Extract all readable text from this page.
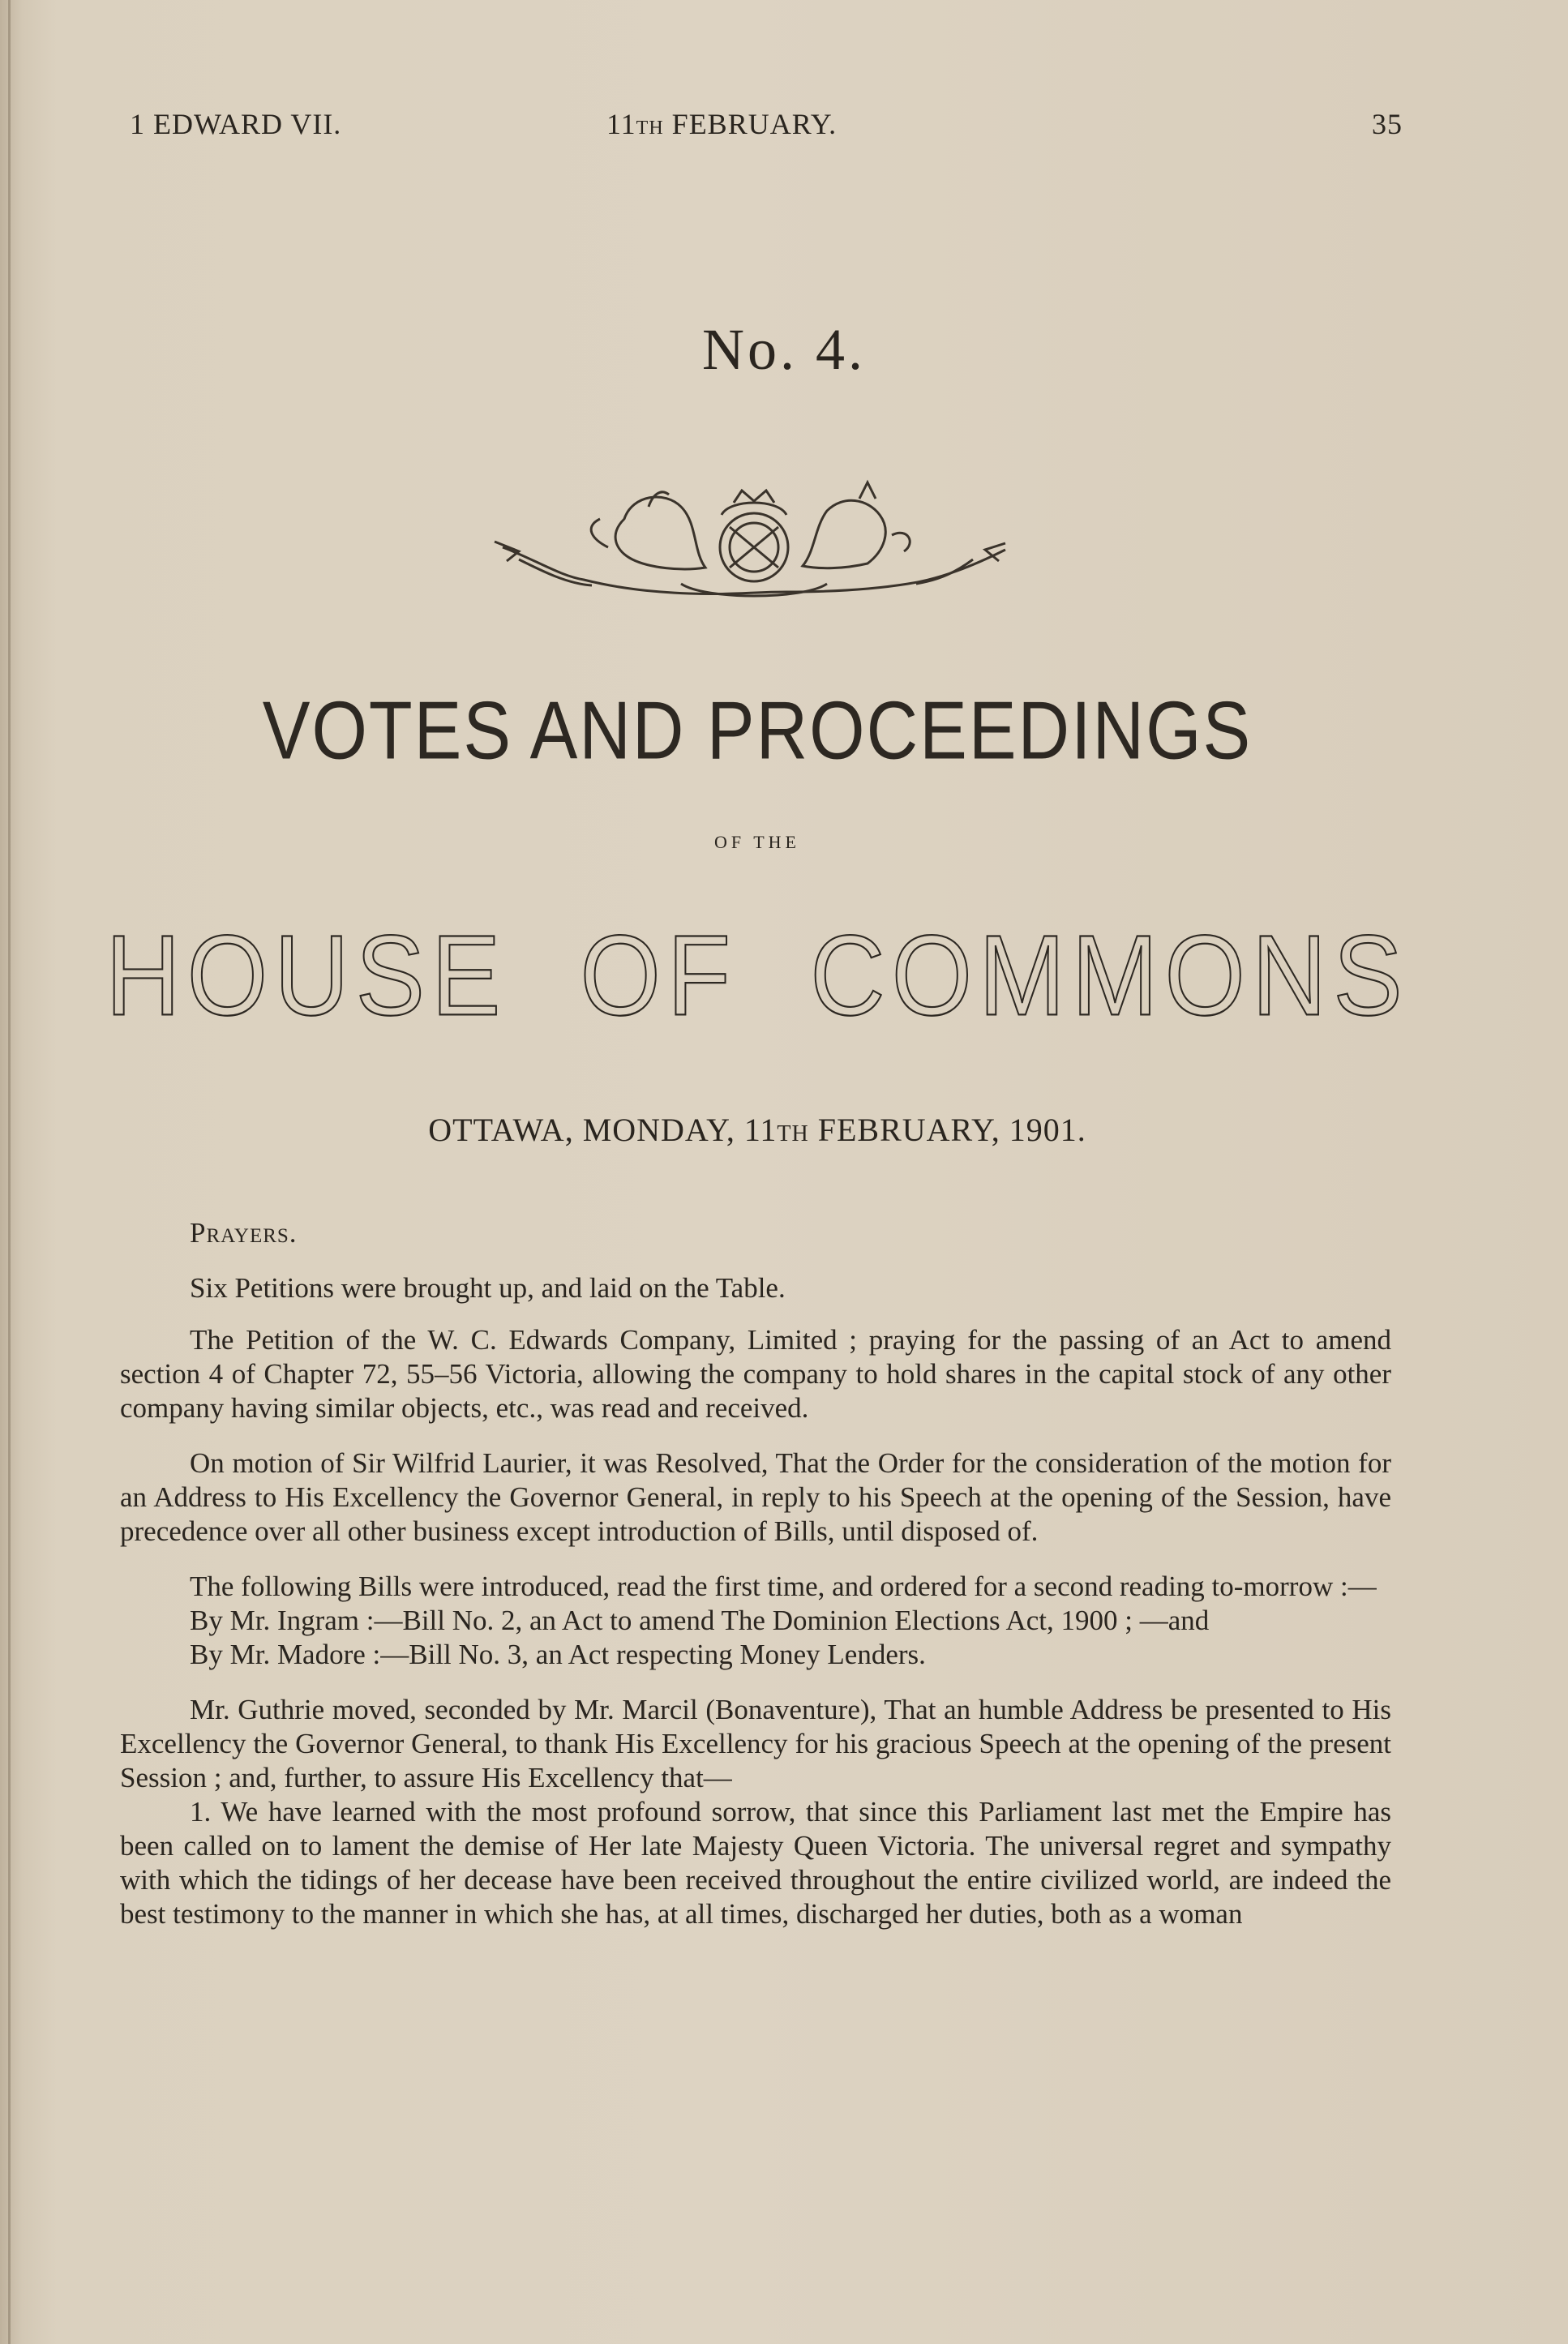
1 EDWARD VII.	11TH FEBRUARY.	35
No. 4.
VOTES AND PROCEEDINGS
OF THE
HOUSE OF COMMONS
OTTAWA, MONDAY, 11TH FEBRUARY, 1901.

Prayers.

Six Petitions were brought up, and laid on the Table.

The Petition of the W. C. Edwards Company, Limited ; praying for the passing of an Act to amend section 4 of Chapter 72, 55–56 Victoria, allowing the company to hold shares in the capital stock of any other company having similar objects, etc., was read and received.

On motion of Sir Wilfrid Laurier, it was Resolved, That the Order for the consideration of the motion for an Address to His Excellency the Governor General, in reply to his Speech at the opening of the Session, have precedence over all other business except introduction of Bills, until disposed of.

The following Bills were introduced, read the first time, and ordered for a second reading to-morrow :—

By Mr. Ingram :—Bill No. 2, an Act to amend The Dominion Elections Act, 1900 ; —and

By Mr. Madore :—Bill No. 3, an Act respecting Money Lenders.

Mr. Guthrie moved, seconded by Mr. Marcil (Bonaventure), That an humble Address be presented to His Excellency the Governor General, to thank His Excellency for his gracious Speech at the opening of the present Session ; and, further, to assure His Excellency that—

1. We have learned with the most profound sorrow, that since this Parliament last met the Empire has been called on to lament the demise of Her late Majesty Queen Victoria. The universal regret and sympathy with which the tidings of her decease have been received throughout the entire civilized world, are indeed the best testimony to the manner in which she has, at all times, discharged her duties, both as a woman
